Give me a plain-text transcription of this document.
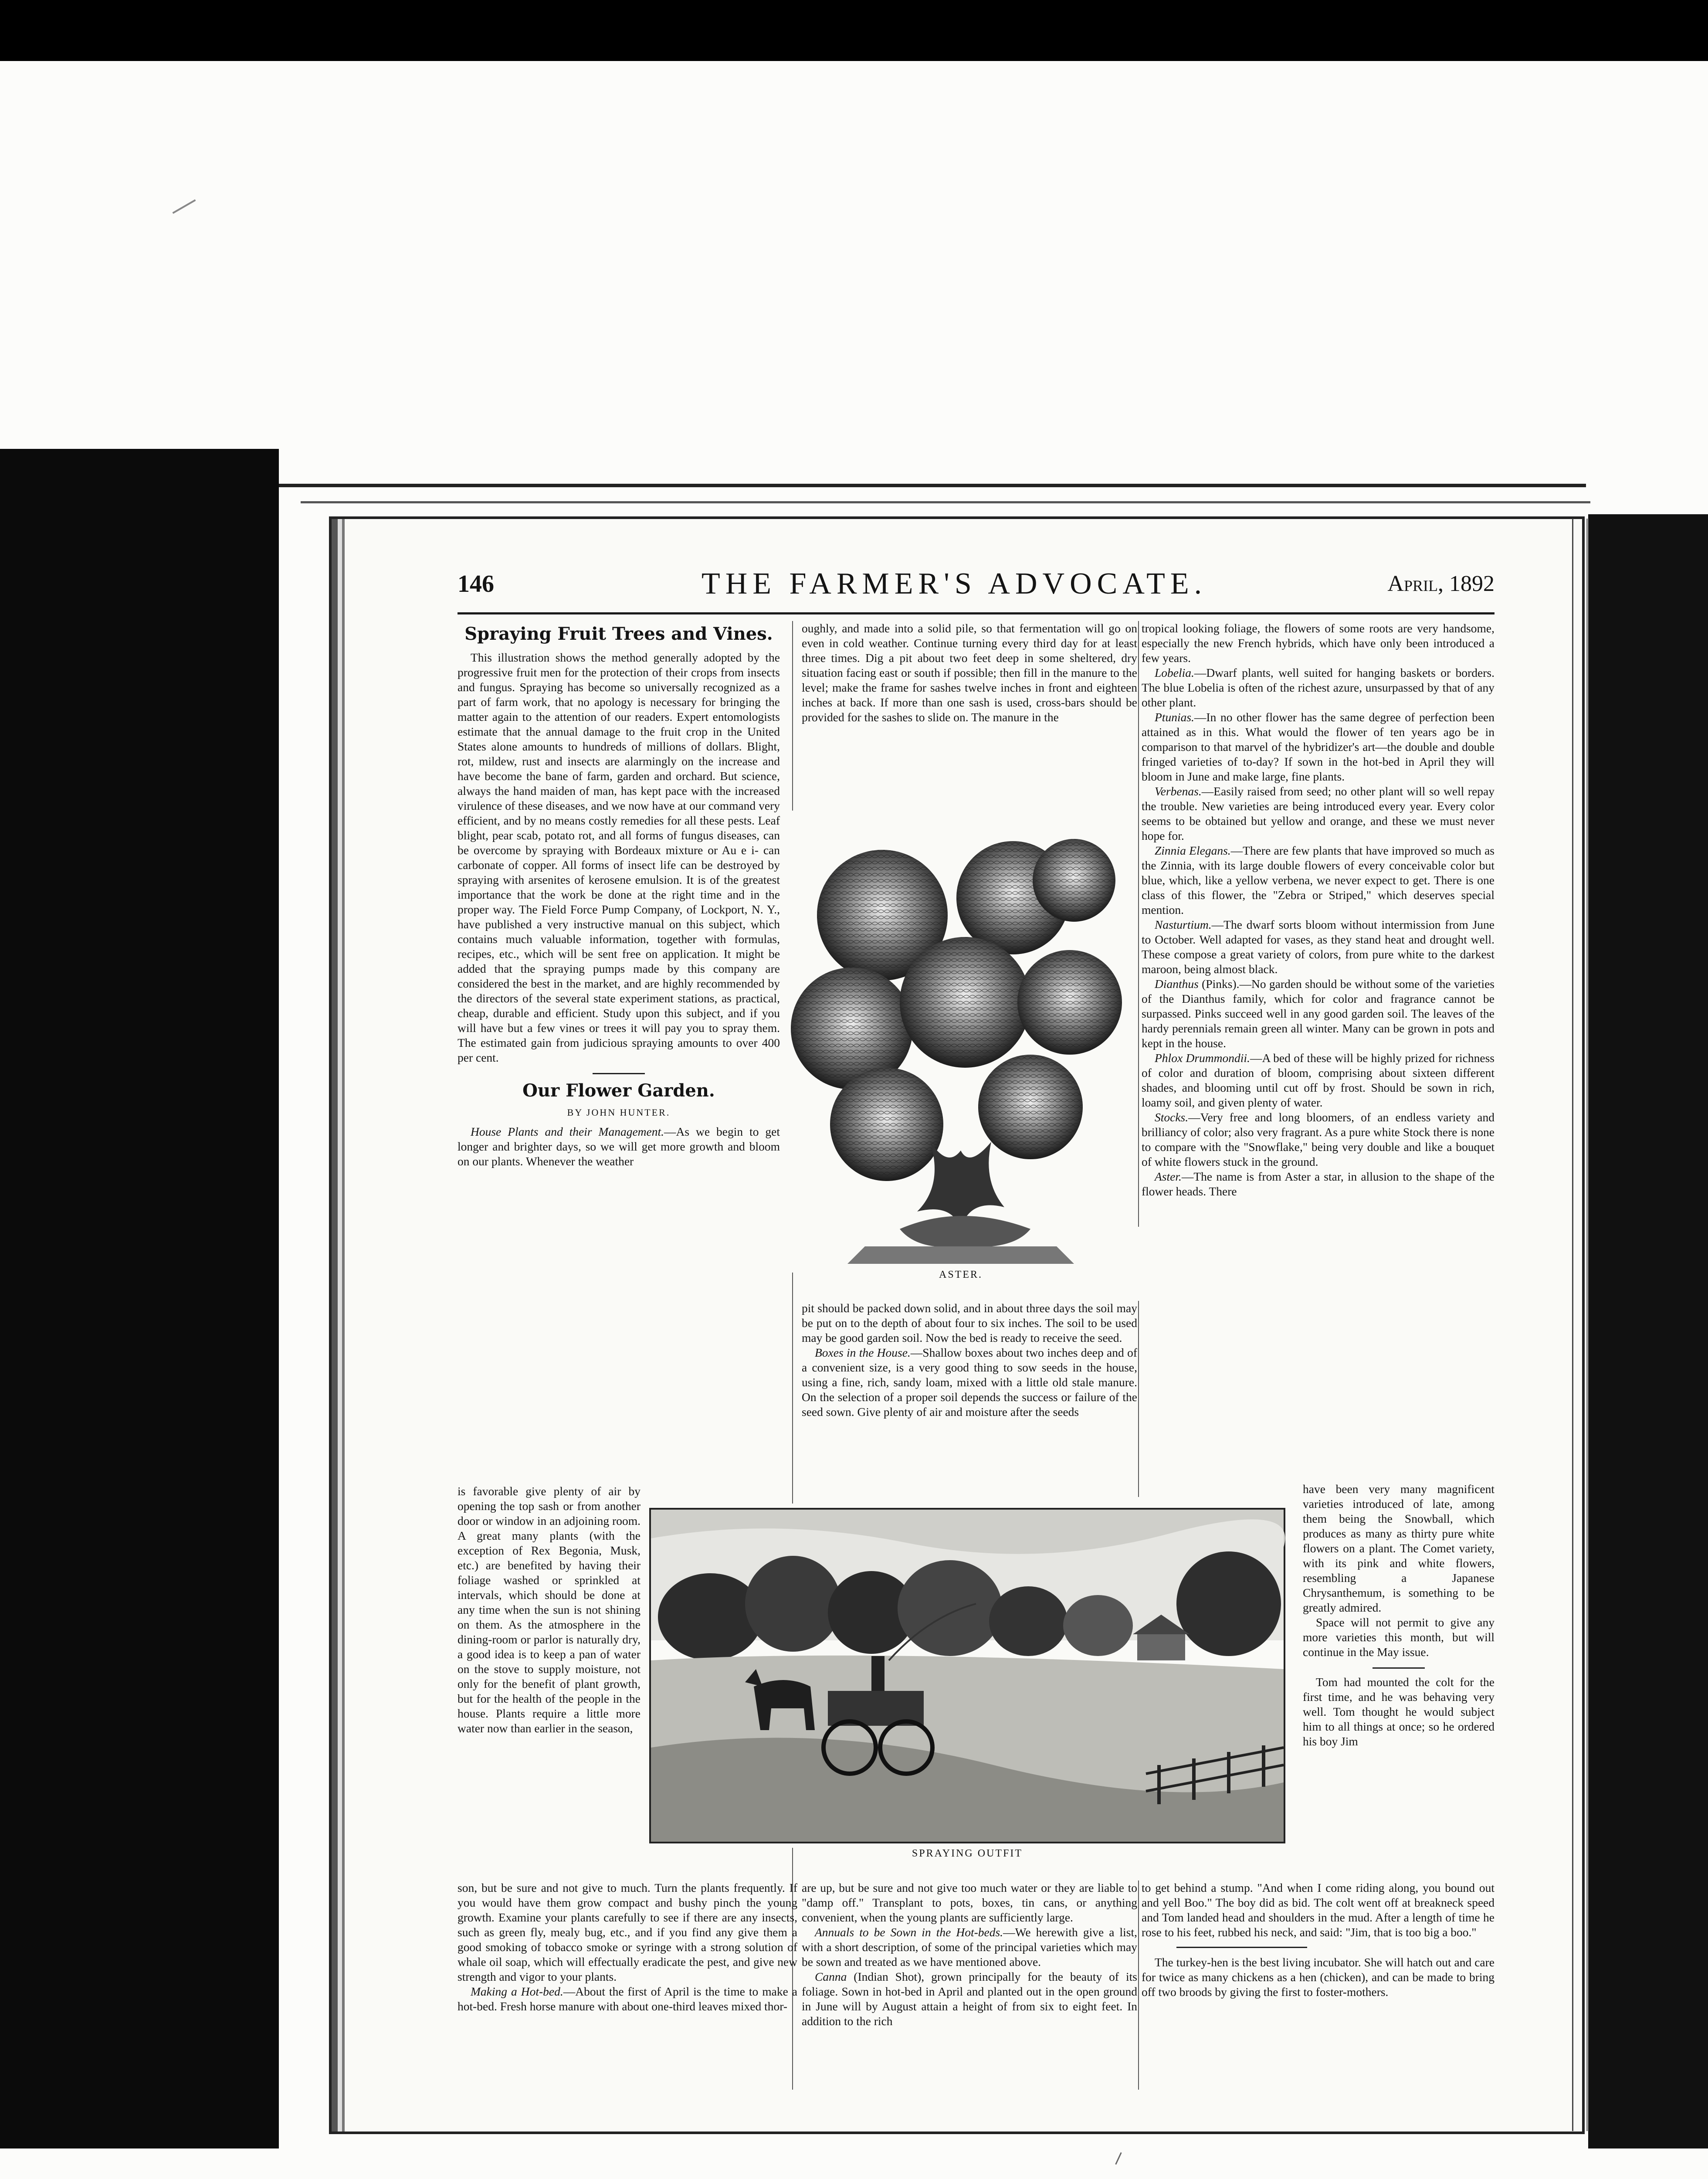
146	THE FARMER'S ADVOCATE.	April, 1892
Spraying Fruit Trees and Vines.

This illustration shows the method generally adopted by the progressive fruit men for the protection of their crops from insects and fungus. Spraying has become so universally recognized as a part of farm work, that no apology is necessary for bringing the matter again to the attention of our readers. Expert entomologists estimate that the annual damage to the fruit crop in the United States alone amounts to hundreds of millions of dollars. Blight, rot, mildew, rust and insects are alarmingly on the increase and have become the bane of farm, garden and orchard. But science, always the hand maiden of man, has kept pace with the increased virulence of these diseases, and we now have at our command very efficient, and by no means costly remedies for all these pests. Leaf blight, pear scab, potato rot, and all forms of fungus diseases, can be overcome by spraying with Bordeaux mixture or Au e i- can carbonate of copper. All forms of insect life can be destroyed by spraying with arsenites of kerosene emulsion. It is of the greatest importance that the work be done at the right time and in the proper way. The Field Force Pump Company, of Lockport, N. Y., have published a very instructive manual on this subject, which contains much valuable information, together with formulas, recipes, etc., which will be sent free on application. It might be added that the spraying pumps made by this company are considered the best in the market, and are highly recommended by the directors of the several state experiment stations, as practical, cheap, durable and efficient. Study upon this subject, and if you will have but a few vines or trees it will pay you to spray them. The estimated gain from judicious spraying amounts to over 400 per cent.

Our Flower Garden.
BY JOHN HUNTER.

House Plants and their Management.—As we begin to get longer and brighter days, so we will get more growth and bloom on our plants. Whenever the weather

is favorable give plenty of air by opening the top sash or from another door or window in an adjoining room. A great many plants (with the exception of Rex Begonia, Musk, etc.) are benefited by having their foliage washed or sprinkled at intervals, which should be done at any time when the sun is not shining on them. As the atmosphere in the dining-room or parlor is naturally dry, a good idea is to keep a pan of water on the stove to supply moisture, not only for the benefit of plant growth, but for the health of the people in the house. Plants require a little more water now than earlier in the season,

son, but be sure and not give to much. Turn the plants frequently. If you would have them grow compact and bushy pinch the young growth. Examine your plants carefully to see if there are any insects, such as green fly, mealy bug, etc., and if you find any give them a good smoking of tobacco smoke or syringe with a strong solution of whale oil soap, which will effectually eradicate the pest, and give new strength and vigor to your plants.

Making a Hot-bed.—About the first of April is the time to make a hot-bed. Fresh horse manure with about one-third leaves mixed thor-

oughly, and made into a solid pile, so that fermentation will go on even in cold weather. Continue turning every third day for at least three times. Dig a pit about two feet deep in some sheltered, dry situation facing east or south if possible; then fill in the manure to the level; make the frame for sashes twelve inches in front and eighteen inches at back. If more than one sash is used, cross-bars should be provided for the sashes to slide on. The manure in the

ASTER.

pit should be packed down solid, and in about three days the soil may be put on to the depth of about four to six inches. The soil to be used may be good garden soil. Now the bed is ready to receive the seed.

Boxes in the House.—Shallow boxes about two inches deep and of a convenient size, is a very good thing to sow seeds in the house, using a fine, rich, sandy loam, mixed with a little old stale manure. On the selection of a proper soil depends the success or failure of the seed sown. Give plenty of air and moisture after the seeds

are up, but be sure and not give too much water or they are liable to "damp off." Transplant to pots, boxes, tin cans, or anything convenient, when the young plants are sufficiently large.

Annuals to be Sown in the Hot-beds.—We herewith give a list, with a short description, of some of the principal varieties which may be sown and treated as we have mentioned above.

Canna (Indian Shot), grown principally for the beauty of its foliage. Sown in hot-bed in April and planted out in the open ground in June will by August attain a height of from six to eight feet. In addition to the rich

tropical looking foliage, the flowers of some roots are very handsome, especially the new French hybrids, which have only been introduced a few years.

Lobelia.—Dwarf plants, well suited for hanging baskets or borders. The blue Lobelia is often of the richest azure, unsurpassed by that of any other plant.

Ptunias.—In no other flower has the same degree of perfection been attained as in this. What would the flower of ten years ago be in comparison to that marvel of the hybridizer's art—the double and double fringed varieties of to-day? If sown in the hot-bed in April they will bloom in June and make large, fine plants.

Verbenas.—Easily raised from seed; no other plant will so well repay the trouble. New varieties are being introduced every year. Every color seems to be obtained but yellow and orange, and these we must never hope for.

Zinnia Elegans.—There are few plants that have improved so much as the Zinnia, with its large double flowers of every conceivable color but blue, which, like a yellow verbena, we never expect to get. There is one class of this flower, the "Zebra or Striped," which deserves special mention.

Nasturtium.—The dwarf sorts bloom without intermission from June to October. Well adapted for vases, as they stand heat and drought well. These compose a great variety of colors, from pure white to the darkest maroon, being almost black.

Dianthus (Pinks).—No garden should be without some of the varieties of the Dianthus family, which for color and fragrance cannot be surpassed. Pinks succeed well in any good garden soil. The leaves of the hardy perennials remain green all winter. Many can be grown in pots and kept in the house.

Phlox Drummondii.—A bed of these will be highly prized for richness of color and duration of bloom, comprising about sixteen different shades, and blooming until cut off by frost. Should be sown in rich, loamy soil, and given plenty of water.

Stocks.—Very free and long bloomers, of an endless variety and brilliancy of color; also very fragrant. As a pure white Stock there is none to compare with the "Snowflake," being very double and like a bouquet of white flowers stuck in the ground.

Aster.—The name is from Aster a star, in allusion to the shape of the flower heads. There

have been very many magnificent varieties introduced of late, among them being the Snowball, which produces as many as thirty pure white flowers on a plant. The Comet variety, with its pink and white flowers, resembling a Japanese Chrysanthemum, is something to be greatly admired.

Space will not permit to give any more varieties this month, but will continue in the May issue.

Tom had mounted the colt for the first time, and he was behaving very well. Tom thought he would subject him to all things at once; so he ordered his boy Jim

SPRAYING OUTFIT

to get behind a stump. "And when I come riding along, you bound out and yell Boo." The boy did as bid. The colt went off at breakneck speed and Tom landed head and shoulders in the mud. After a length of time he rose to his feet, rubbed his neck, and said: "Jim, that is too big a boo."

The turkey-hen is the best living incubator. She will hatch out and care for twice as many chickens as a hen (chicken), and can be made to bring off two broods by giving the first to foster-mothers.
